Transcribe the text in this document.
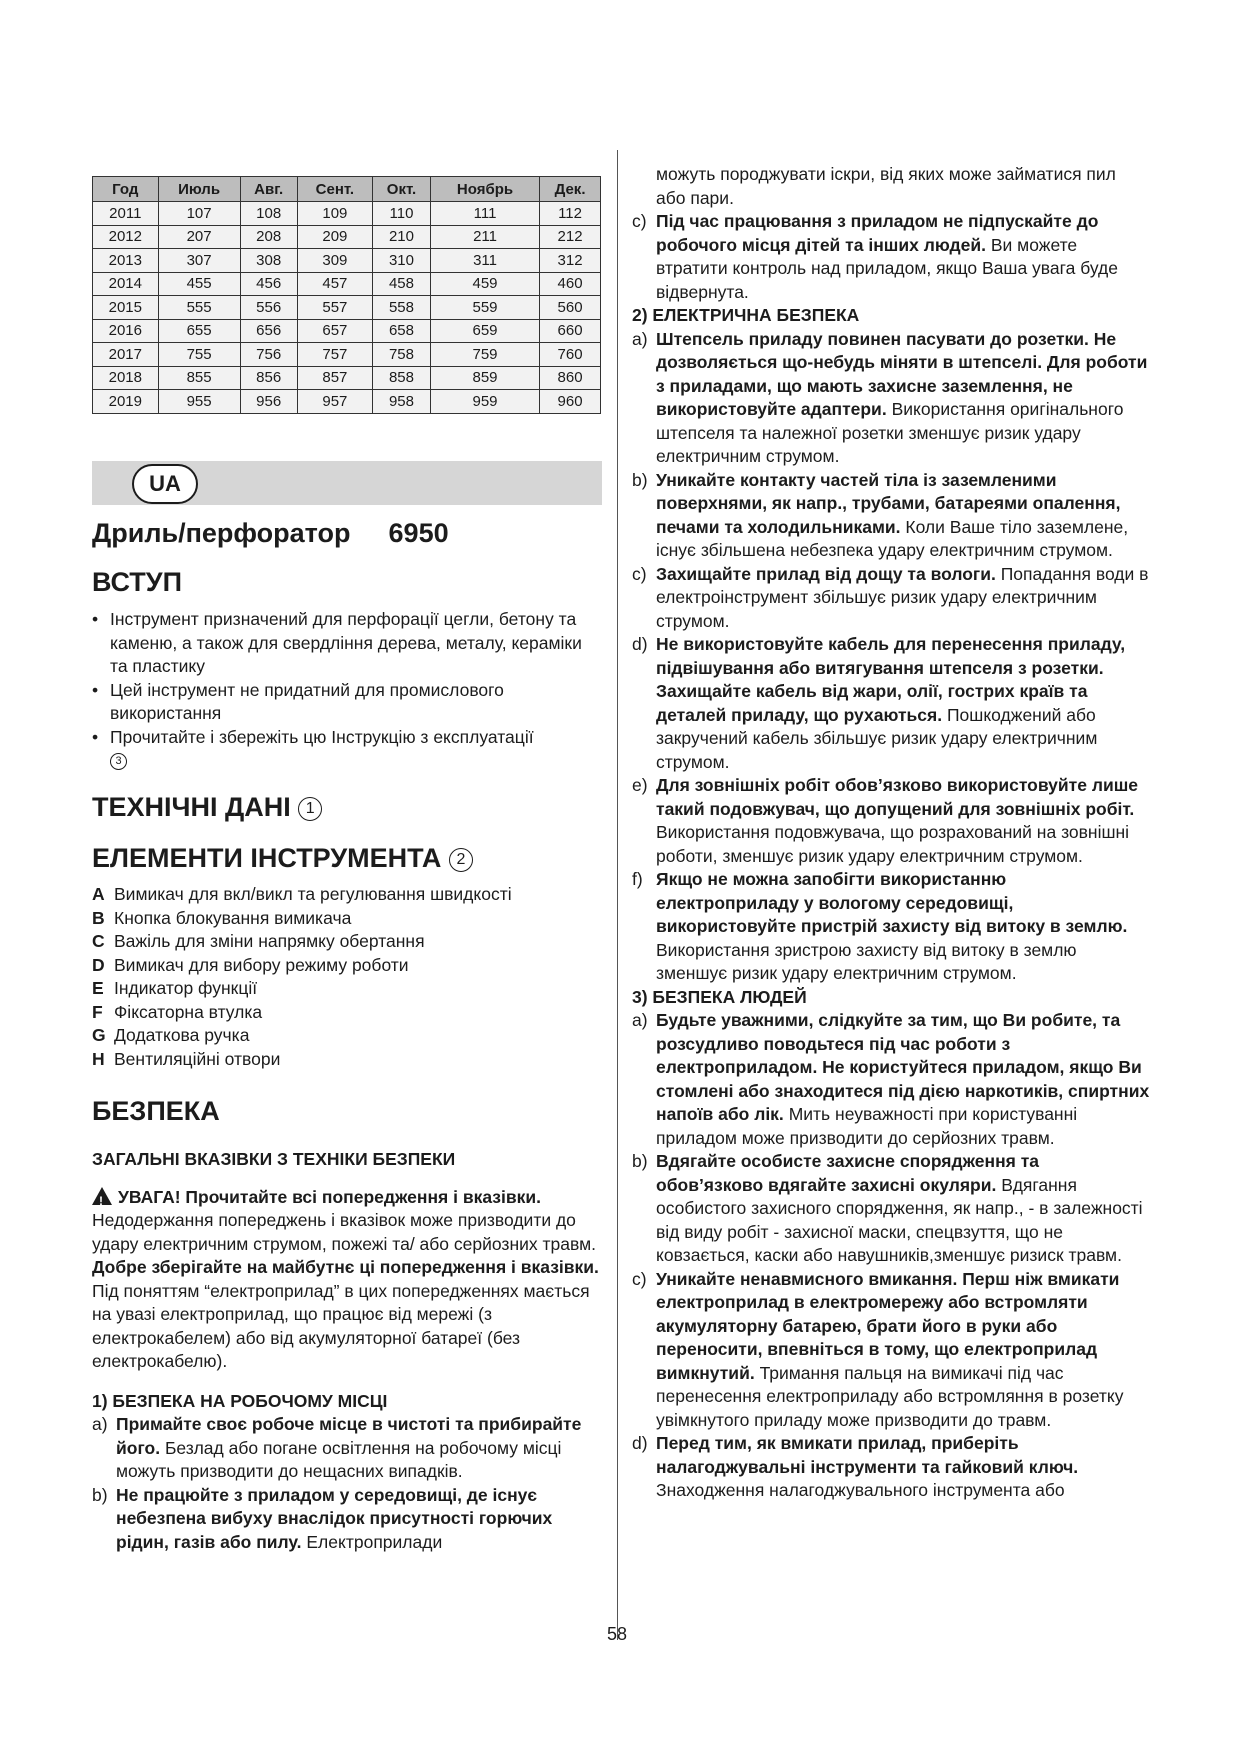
Год	Июль	Авг.	Сент.	Окт.	Ноябрь	Дек.
2011	107	108	109	110	111	112
2012	207	208	209	210	211	212
2013	307	308	309	310	311	312
2014	455	456	457	458	459	460
2015	555	556	557	558	559	560
2016	655	656	657	658	659	660
2017	755	756	757	758	759	760
2018	855	856	857	858	859	860
2019	955	956	957	958	959	960
UA
Дриль/перфоратор 6950
ВСТУП
• Інструмент призначений для перфорації цегли, бетону та каменю, а також для свердління дерева, металу, кераміки та пластику
• Цей інструмент не придатний для промислового використання
• Прочитайте і збережіть цю Інструкцію з експлуатації
3
ТЕХНІЧНІ ДАНІ 1
ЕЛЕМЕНТИ ІНСТРУМЕНТА 2
A Вимикач для вкл/викл та регулювання швидкості
B Кнопка блокування вимикача
C Важіль для зміни напрямку обертання
D Вимикач для вибору режиму роботи
E Індикатор функції
F Фіксаторна втулка
G Додаткова ручка
H Вентиляційні отвори
БЕЗПЕКА
ЗАГАЛЬНІ ВКАЗІВКИ З ТЕХНІКИ БЕЗПЕКИ
!УВАГА! Прочитайте всі попередження і вказівки.
Недодержання попереджень і вказівок може призводити до удару електричним струмом, пожежі та/ або серйозних травм. Добре зберігайте на майбутнє ці попередження і вказівки. Під поняттям “електроприлад” в цих попередженнях мається на увазі електроприлад, що працює від мережі (з електрокабелем) або від акумуляторної батареї (без електрокабелю).
1) БЕЗПЕКА НА РОБОЧОМУ МІСЦІ
a) Примайте своє робоче місце в чистоті та прибирайте його. Безлад або погане освітлення на робочому місці можуть призводити до нещасних випадків.
b) Не працюйте з приладом у середовищі, де існує небезпена вибуху внаслідок присутності горючих рідин, газів або пилу. Електроприлади
можуть породжувати іскри, від яких може займатися пил або пари.
c) Під час працювання з приладом не підпускайте до робочого місця дітей та інших людей. Ви можете втратити контроль над приладом, якщо Ваша увага буде відвернута.
2) ЕЛЕКТРИЧНА БЕЗПЕКА
a) Штепсель приладу повинен пасувати до розетки. Не дозволяється що-небудь міняти в штепселі. Для роботи з приладами, що мають захисне заземлення, не використовуйте адаптери. Використання оригінального штепселя та належної розетки зменшує ризик удару електричним струмом.
b) Уникайте контакту частей тіла із заземленими поверхнями, як напр., трубами, батареями опалення, печами та холодильниками. Коли Ваше тіло заземлене, існує збільшена небезпека удару електричним струмом.
c) Захищайте прилад від дощу та вологи. Попадання води в електроінструмент збільшує ризик удару електричним струмом.
d) Не використовуйте кабель для перенесення приладу, підвішування або витягування штепселя з розетки. Захищайте кабель від жари, олії, гострих країв та деталей приладу, що рухаються. Пошкоджений або закручений кабель збільшує ризик удару електричним струмом.
e) Для зовнішніх робіт обов’язково використовуйте лише такий подовжувач, що допущений для зовнішніх робіт. Використання подовжувача, що розрахований на зовнішні роботи, зменшує ризик удару електричним струмом.
f) Якщо не можна запобігти використанню електроприладу у вологому середовищі, використовуйте пристрій захисту від витоку в землю. Використання зристрою захисту від витоку в землю зменшує ризик удару електричним струмом.
3) БЕЗПЕКА ЛЮДЕЙ
a) Будьте уважними, слідкуйте за тим, що Ви робите, та розсудливо поводьтеся під час роботи з електроприладом. Не користуйтеся приладом, якщо Ви стомлені або знаходитеся під дією наркотиків, спиртних напоїв або лік. Мить неуважності при користуванні приладом може призводити до серйозних травм.
b) Вдягайте особисте захисне спорядження та обов’язково вдягайте захисні окуляри. Вдягання особистого захисного спорядження, як напр., - в залежності від виду робіт - захисної маски, спецвзуття, що не ковзається, каски або навушників,зменшує ризиск травм.
c) Уникайте ненавмисного вмикання. Перш ніж вмикати електроприлад в електромережу або встромляти акумуляторну батарею, брати його в руки або переносити, впевніться в тому, що електроприлад вимкнутий. Тримання пальця на вимикачі під час перенесення електроприладу або встромляння в розетку увімкнутого приладу може призводити до травм.
d) Перед тим, як вмикати прилад, приберіть налагоджувальні інструменти та гайковий ключ. Знаходження налагоджувального інструмента або
58
